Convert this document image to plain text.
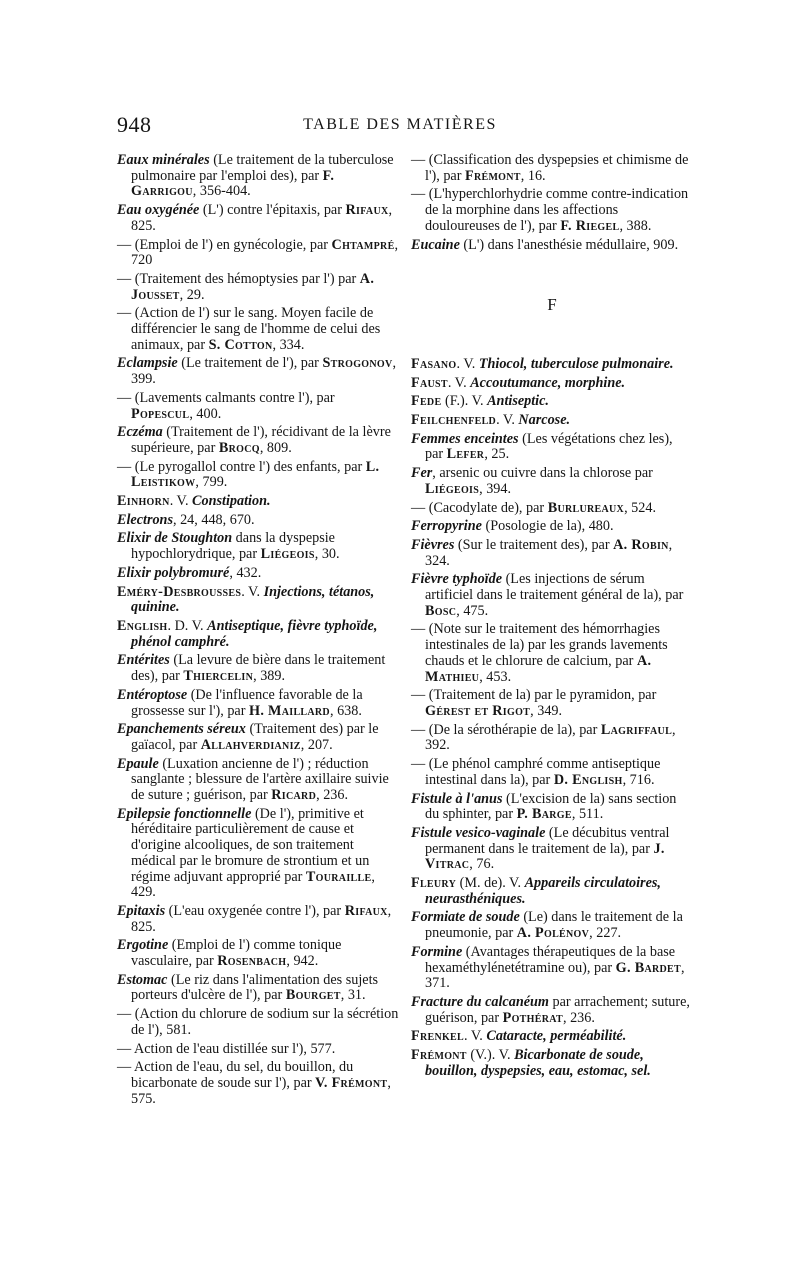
948	TABLE DES MATIÈRES

Eaux minérales (Le traitement de la tuberculose pulmonaire par l'emploi des), par F. Garrigou, 356-404.

Eau oxygénée (L') contre l'épitaxis, par Rifaux, 825.

— (Emploi de l') en gynécologie, par Chtampré, 720

— (Traitement des hémoptysies par l') par A. Jousset, 29.

— (Action de l') sur le sang. Moyen facile de différencier le sang de l'homme de celui des animaux, par S. Cotton, 334.

Eclampsie (Le traitement de l'), par Strogonov, 399.

— (Lavements calmants contre l'), par Popescul, 400.

Eczéma (Traitement de l'), récidivant de la lèvre supérieure, par Brocq, 809.

— (Le pyrogallol contre l') des enfants, par L. Leistikow, 799.

Einhorn. V. Constipation.

Electrons, 24, 448, 670.

Elixir de Stoughton dans la dyspepsie hypochlorydrique, par Liégeois, 30.

Elixir polybromuré, 432.

Eméry-Desbrousses. V. Injections, tétanos, quinine.

English. D. V. Antiseptique, fièvre typhoïde, phénol camphré.

Entérites (La levure de bière dans le traitement des), par Thiercelin, 389.

Entéroptose (De l'influence favorable de la grossesse sur l'), par H. Maillard, 638.

Epanchements séreux (Traitement des) par le gaïacol, par Allahverdianiz, 207.

Epaule (Luxation ancienne de l') ; réduction sanglante ; blessure de l'artère axillaire suivie de suture ; guérison, par Ricard, 236.

Epilepsie fonctionnelle (De l'), primitive et héréditaire particulièrement de cause et d'origine alcooliques, de son traitement médical par le bromure de strontium et un régime adjuvant approprié par Touraille, 429.

Epitaxis (L'eau oxygenée contre l'), par Rifaux, 825.

Ergotine (Emploi de l') comme tonique vasculaire, par Rosenbach, 942.

Estomac (Le riz dans l'alimentation des sujets porteurs d'ulcère de l'), par Bourget, 31.

— (Action du chlorure de sodium sur la sécrétion de l'), 581.

— Action de l'eau distillée sur l'), 577.

— Action de l'eau, du sel, du bouillon, du bicarbonate de soude sur l'), par V. Frémont, 575.

— (Classification des dyspepsies et chimisme de l'), par Frémont, 16.

— (L'hyperchlorhydrie comme contre-indication de la morphine dans les affections douloureuses de l'), par F. Riegel, 388.

Eucaine (L') dans l'anesthésie médullaire, 909.

F

Fasano. V. Thiocol, tuberculose pulmonaire.

Faust. V. Accoutumance, morphine.

Fede (F.). V. Antiseptic.

Feilchenfeld. V. Narcose.

Femmes enceintes (Les végétations chez les), par Lefer, 25.

Fer, arsenic ou cuivre dans la chlorose par Liégeois, 394.

— (Cacodylate de), par Burlureaux, 524.

Ferropyrine (Posologie de la), 480.

Fièvres (Sur le traitement des), par A. Robin, 324.

Fièvre typhoïde (Les injections de sérum artificiel dans le traitement général de la), par Bosc, 475.

— (Note sur le traitement des hémorrhagies intestinales de la) par les grands lavements chauds et le chlorure de calcium, par A. Mathieu, 453.

— (Traitement de la) par le pyramidon, par Gérest et Rigot, 349.

— (De la sérothérapie de la), par Lagriffaul, 392.

— (Le phénol camphré comme antiseptique intestinal dans la), par D. English, 716.

Fistule à l'anus (L'excision de la) sans section du sphinter, par P. Barge, 511.

Fistule vesico-vaginale (Le décubitus ventral permanent dans le traitement de la), par J. Vitrac, 76.

Fleury (M. de). V. Appareils circulatoires, neurasthéniques.

Formiate de soude (Le) dans le traitement de la pneumonie, par A. Polénov, 227.

Formine (Avantages thérapeutiques de la base hexaméthylénetétramine ou), par G. Bardet, 371.

Fracture du calcanéum par arrachement; suture, guérison, par Pothérat, 236.

Frenkel. V. Cataracte, perméabilité.

Frémont (V.). V. Bicarbonate de soude, bouillon, dyspepsies, eau, estomac, sel.
